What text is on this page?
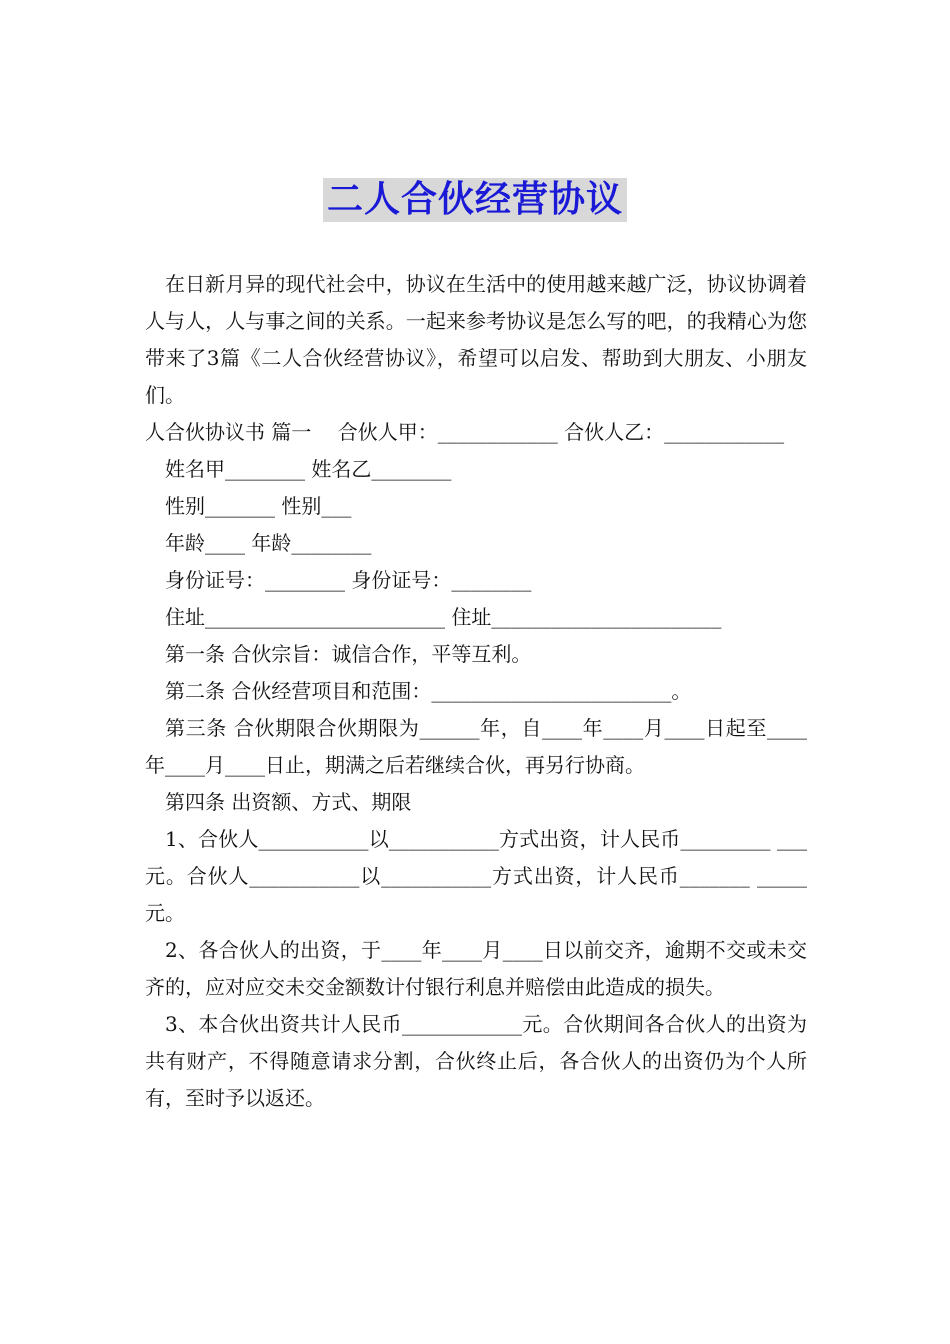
二人合伙经营协议

在日新月异的现代社会中，协议在生活中的使用越来越广泛，协议协调着人与人，人与事之间的关系。一起来参考协议是怎么写的吧，的我精心为您带来了3篇《二人合伙经营协议》，希望可以启发、帮助到大朋友、小朋友们。

人合伙协议书 篇一　 合伙人甲：____________ 合伙人乙：____________

姓名甲________ 姓名乙________

性别_______ 性别___

年龄____ 年龄________

身份证号：________ 身份证号：________

住址________________________ 住址_______________________

第一条 合伙宗旨：诚信合作，平等互利。

第二条 合伙经营项目和范围：________________________。

第三条 合伙期限合伙期限为______年，自____年____月____日起至____年____月____日止，期满之后若继续合伙，再另行协商。

第四条 出资额、方式、期限

1、合伙人___________以___________方式出资，计人民币_________ ___元。合伙人___________以___________方式出资，计人民币_______ _____元。

2、各合伙人的出资，于____年____月____日以前交齐，逾期不交或未交齐的，应对应交未交金额数计付银行利息并赔偿由此造成的损失。

3、本合伙出资共计人民币____________元。合伙期间各合伙人的出资为共有财产，不得随意请求分割，合伙终止后，各合伙人的出资仍为个人所有，至时予以返还。
